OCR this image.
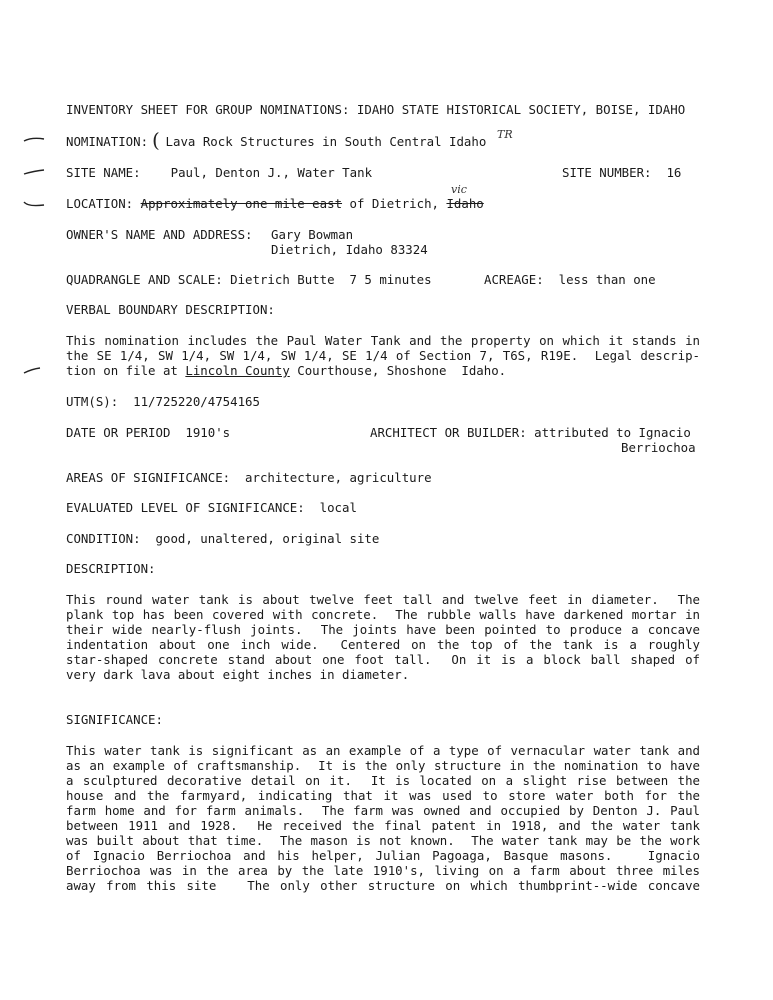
INVENTORY SHEET FOR GROUP NOMINATIONS: IDAHO STATE HISTORICAL SOCIETY, BOISE, IDAHO
NOMINATION: Lava Rock Structures in South Central Idaho
(	TR
SITE NAME: Paul, Denton J., Water Tank	SITE NUMBER: 16
LOCATION: Approximately one mile east of Dietrich, Idaho
vic
OWNER'S NAME AND ADDRESS: Gary Bowman
Dietrich, Idaho 83324
QUADRANGLE AND SCALE: Dietrich Butte  7 5 minutes	ACREAGE: less than one
VERBAL BOUNDARY DESCRIPTION:
This nomination includes the Paul Water Tank and the property on which it stands in
the SE 1/4, SW 1/4, SW 1/4, SW 1/4, SE 1/4 of Section 7, T6S, R19E.  Legal descrip-
tion on file at Lincoln County Courthouse, Shoshone  Idaho.
UTM(S): 11/725220/4754165
DATE OR PERIOD 1910's	ARCHITECT OR BUILDER: attributed to Ignacio
Berriochoa
AREAS OF SIGNIFICANCE: architecture, agriculture
EVALUATED LEVEL OF SIGNIFICANCE: local
CONDITION: good, unaltered, original site
DESCRIPTION:
This round water tank is about twelve feet tall and twelve feet in diameter.  The
plank top has been covered with concrete.  The rubble walls have darkened mortar in
their wide nearly-flush joints.  The joints have been pointed to produce a concave
indentation about one inch wide.  Centered on the top of the tank is a roughly
star-shaped concrete stand about one foot tall.  On it is a block ball shaped of
very dark lava about eight inches in diameter.
SIGNIFICANCE:
This water tank is significant as an example of a type of vernacular water tank and
as an example of craftsmanship.  It is the only structure in the nomination to have
a sculptured decorative detail on it.  It is located on a slight rise between the
house and the farmyard, indicating that it was used to store water both for the
farm home and for farm animals.  The farm was owned and occupied by Denton J. Paul
between 1911 and 1928.  He received the final patent in 1918, and the water tank
was built about that time.  The mason is not known.  The water tank may be the work
of Ignacio Berriochoa and his helper, Julian Pagoaga, Basque masons.   Ignacio
Berriochoa was in the area by the late 1910's, living on a farm about three miles
away from this site   The only other structure on which thumbprint--wide concave
